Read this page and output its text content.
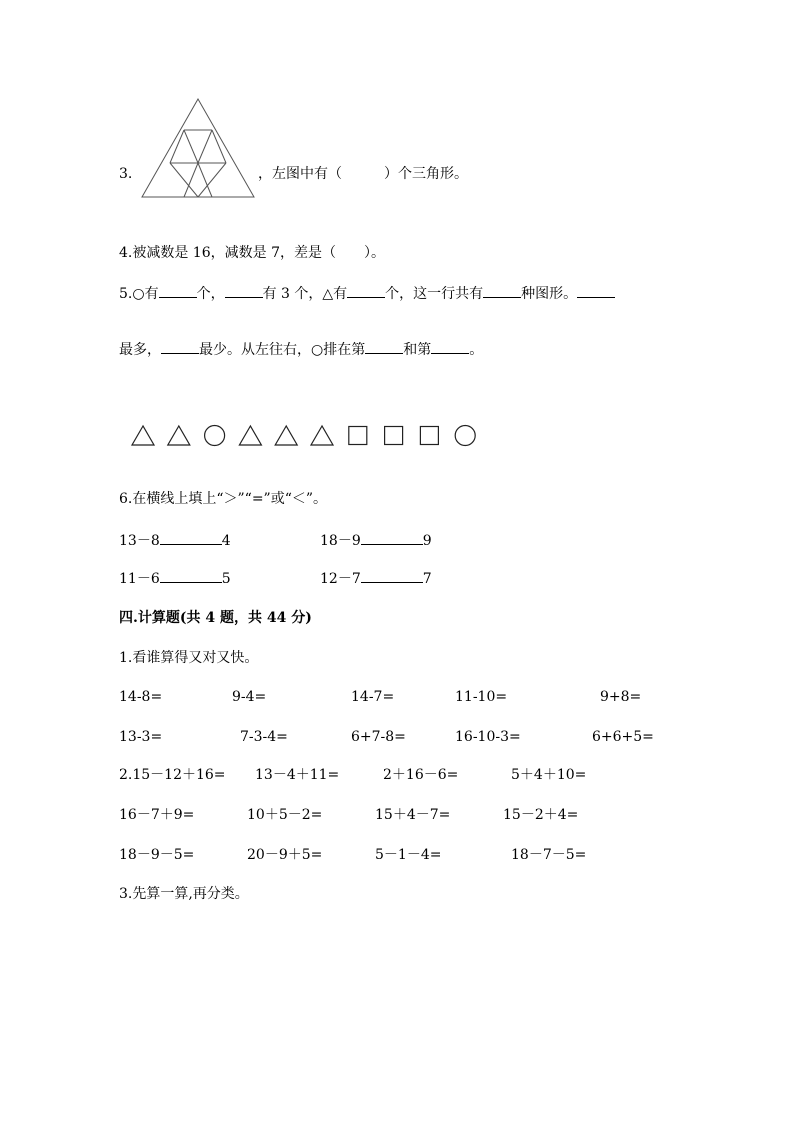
3.	，左图中有（　　　）个三角形。
4.被减数是 16，减数是 7，差是（　　）。
5.○有	个，	有 3 个，△有	个，这一行共有	种图形。
最多，	最少。从左往右，○排在第	和第	。
6.在横线上填上“＞”“=”或“＜”。
13－8	4	18－9	9
11－6	5	12－7	7
四.计算题(共 4 题，共 44 分)
1.看谁算得又对又快。
14-8=	9-4=	14-7=	11-10=	9+8=
13-3=	7-3-4=	6+7-8=	16-10-3=	6+6+5=
2.15－12＋16= 13－4＋11=	2＋16－6=	5＋4＋10=
16－7＋9=	10＋5－2=	15＋4－7=	15－2＋4=
18－9－5=	20－9＋5=	5－1－4=	18－7－5=
3.先算一算,再分类。
